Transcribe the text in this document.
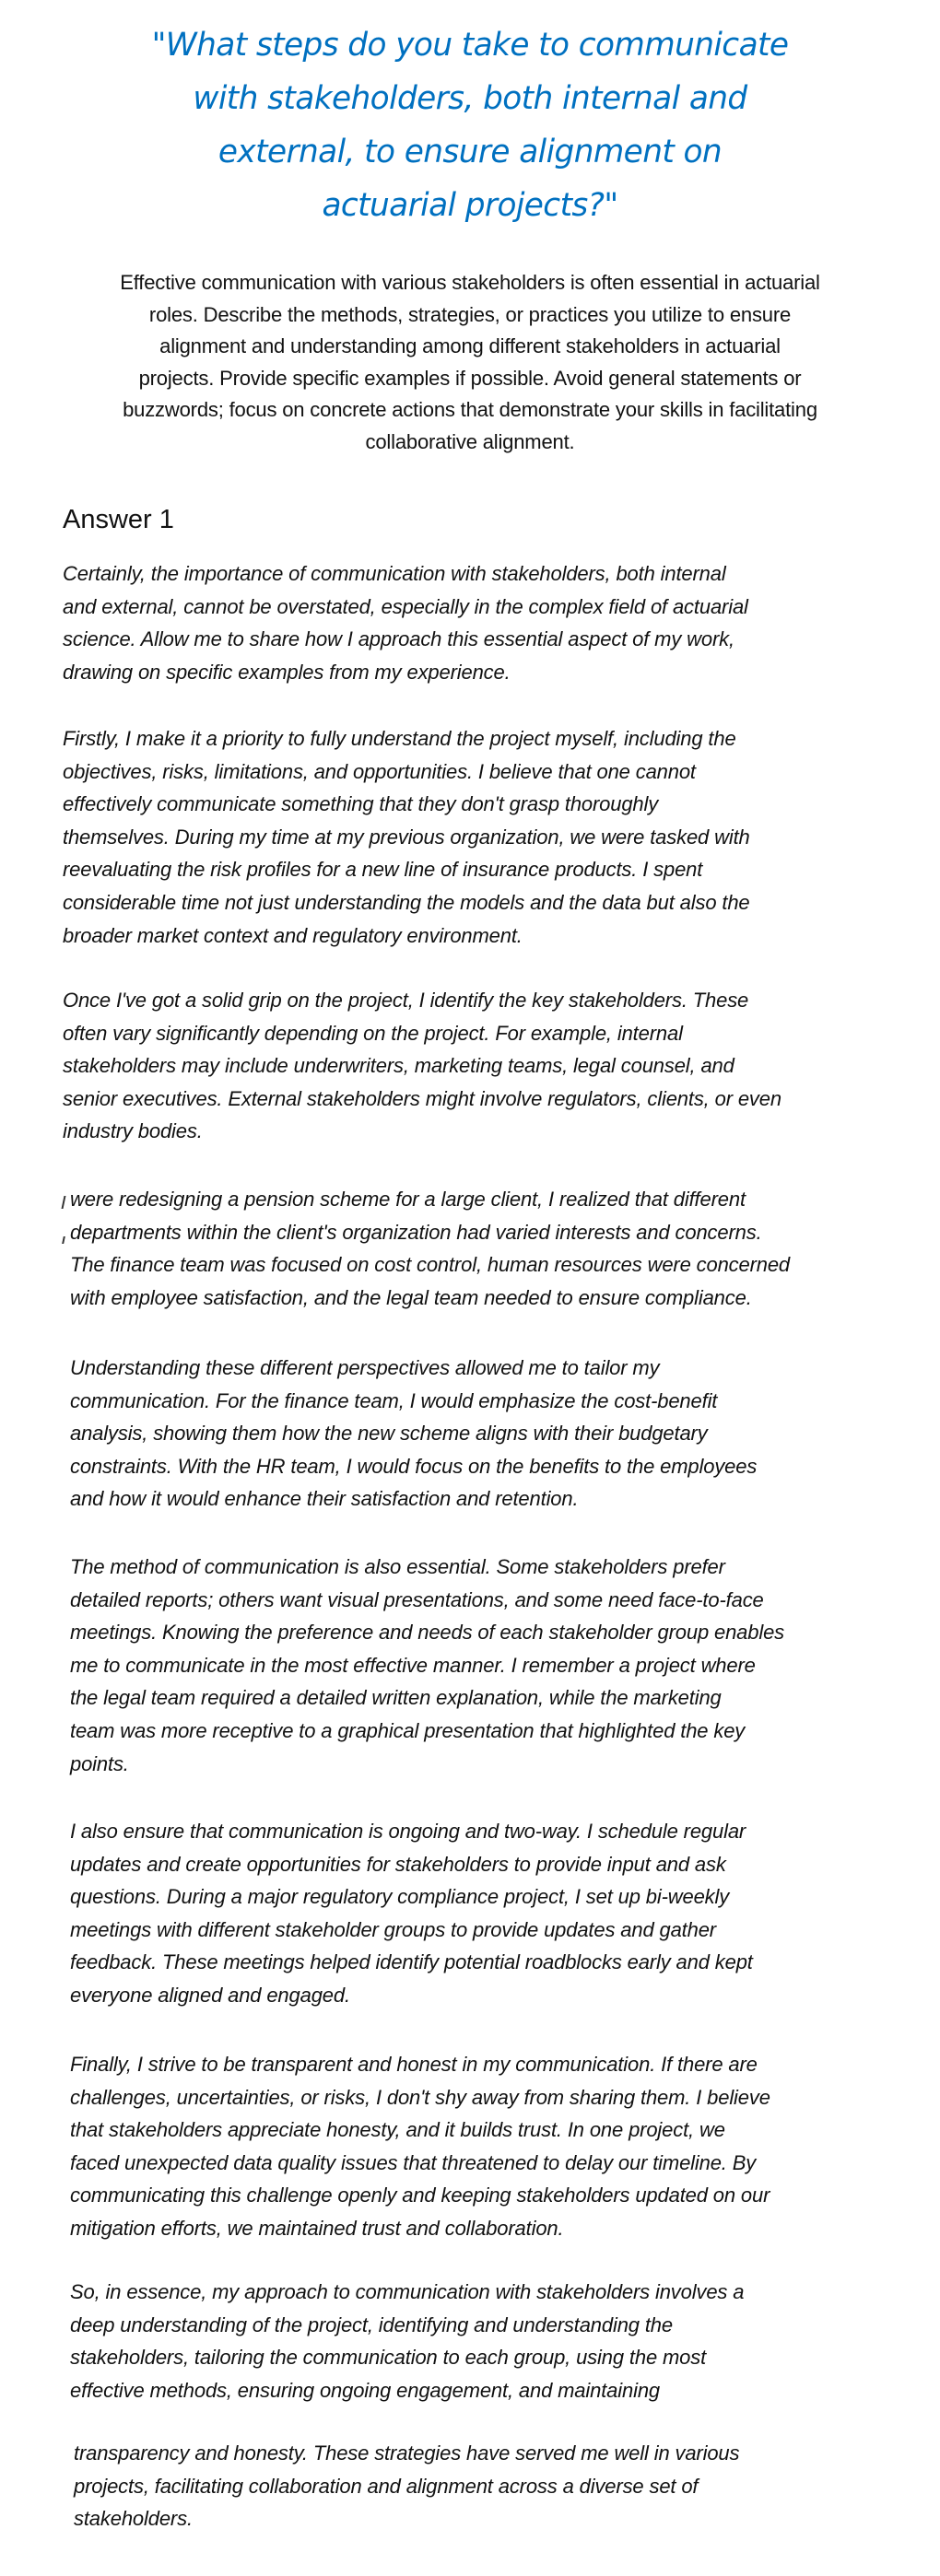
"What steps do you take to communicate
with stakeholders, both internal and
external, to ensure alignment on
actuarial projects?"
Effective communication with various stakeholders is often essential in actuarial
roles. Describe the methods, strategies, or practices you utilize to ensure
alignment and understanding among different stakeholders in actuarial
projects. Provide specific examples if possible. Avoid general statements or
buzzwords; focus on concrete actions that demonstrate your skills in facilitating
collaborative alignment.
Answer 1

Certainly, the importance of communication with stakeholders, both internal
and external, cannot be overstated, especially in the complex field of actuarial
science. Allow me to share how I approach this essential aspect of my work,
drawing on specific examples from my experience.

Firstly, I make it a priority to fully understand the project myself, including the
objectives, risks, limitations, and opportunities. I believe that one cannot
effectively communicate something that they don't grasp thoroughly
themselves. During my time at my previous organization, we were tasked with
reevaluating the risk profiles for a new line of insurance products. I spent
considerable time not just understanding the models and the data but also the
broader market context and regulatory environment.

Once I've got a solid grip on the project, I identify the key stakeholders. These
often vary significantly depending on the project. For example, internal
stakeholders may include underwriters, marketing teams, legal counsel, and
senior executives. External stakeholders might involve regulators, clients, or even
industry bodies.

were redesigning a pension scheme for a large client, I realized that different
departments within the client's organization had varied interests and concerns.
The finance team was focused on cost control, human resources were concerned
with employee satisfaction, and the legal team needed to ensure compliance.

Understanding these different perspectives allowed me to tailor my
communication. For the finance team, I would emphasize the cost-benefit
analysis, showing them how the new scheme aligns with their budgetary
constraints. With the HR team, I would focus on the benefits to the employees
and how it would enhance their satisfaction and retention.

The method of communication is also essential. Some stakeholders prefer
detailed reports; others want visual presentations, and some need face-to-face
meetings. Knowing the preference and needs of each stakeholder group enables
me to communicate in the most effective manner. I remember a project where
the legal team required a detailed written explanation, while the marketing
team was more receptive to a graphical presentation that highlighted the key
points.

I also ensure that communication is ongoing and two-way. I schedule regular
updates and create opportunities for stakeholders to provide input and ask
questions. During a major regulatory compliance project, I set up bi-weekly
meetings with different stakeholder groups to provide updates and gather
feedback. These meetings helped identify potential roadblocks early and kept
everyone aligned and engaged.

Finally, I strive to be transparent and honest in my communication. If there are
challenges, uncertainties, or risks, I don't shy away from sharing them. I believe
that stakeholders appreciate honesty, and it builds trust. In one project, we
faced unexpected data quality issues that threatened to delay our timeline. By
communicating this challenge openly and keeping stakeholders updated on our
mitigation efforts, we maintained trust and collaboration.

So, in essence, my approach to communication with stakeholders involves a
deep understanding of the project, identifying and understanding the
stakeholders, tailoring the communication to each group, using the most
effective methods, ensuring ongoing engagement, and maintaining

transparency and honesty. These strategies have served me well in various
projects, facilitating collaboration and alignment across a diverse set of
stakeholders.
